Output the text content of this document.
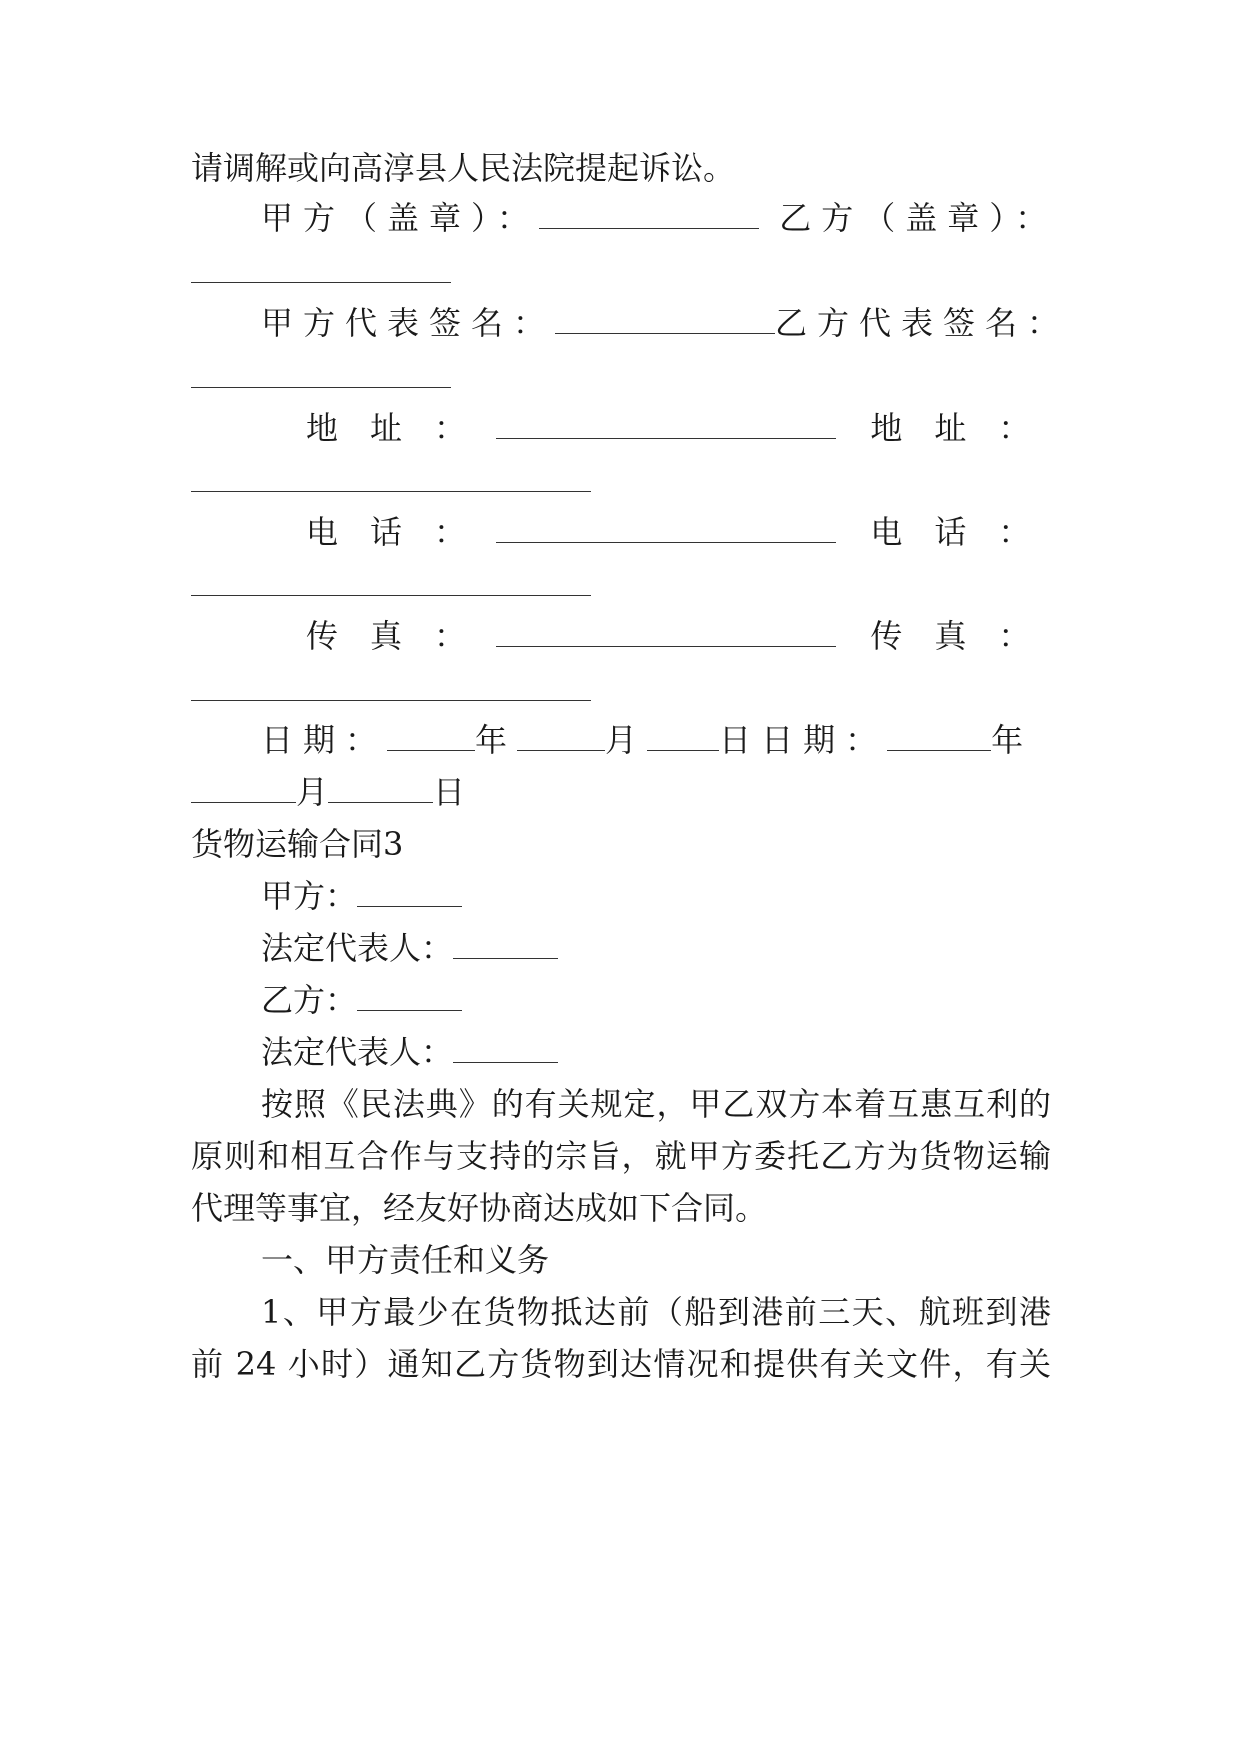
请调解或向高淳县人民法院提起诉讼。
甲方（盖章）：	乙方（盖章）：
甲方代表签名：	乙方代表签名：
地　址　：	地　址　：
电　话　：	电　话　：
传　真　：	传　真　：
日期：	年	月 日日期：	年
月	日
货物运输合同3
甲方：
法定代表人：
乙方：
法定代表人：
按照《民法典》的有关规定，甲乙双方本着互惠互利的
原则和相互合作与支持的宗旨，就甲方委托乙方为货物运输
代理等事宜，经友好协商达成如下合同。
一、甲方责任和义务
1、甲方最少在货物抵达前（船到港前三天、航班到港
前 24 小时）通知乙方货物到达情况和提供有关文件，有关
